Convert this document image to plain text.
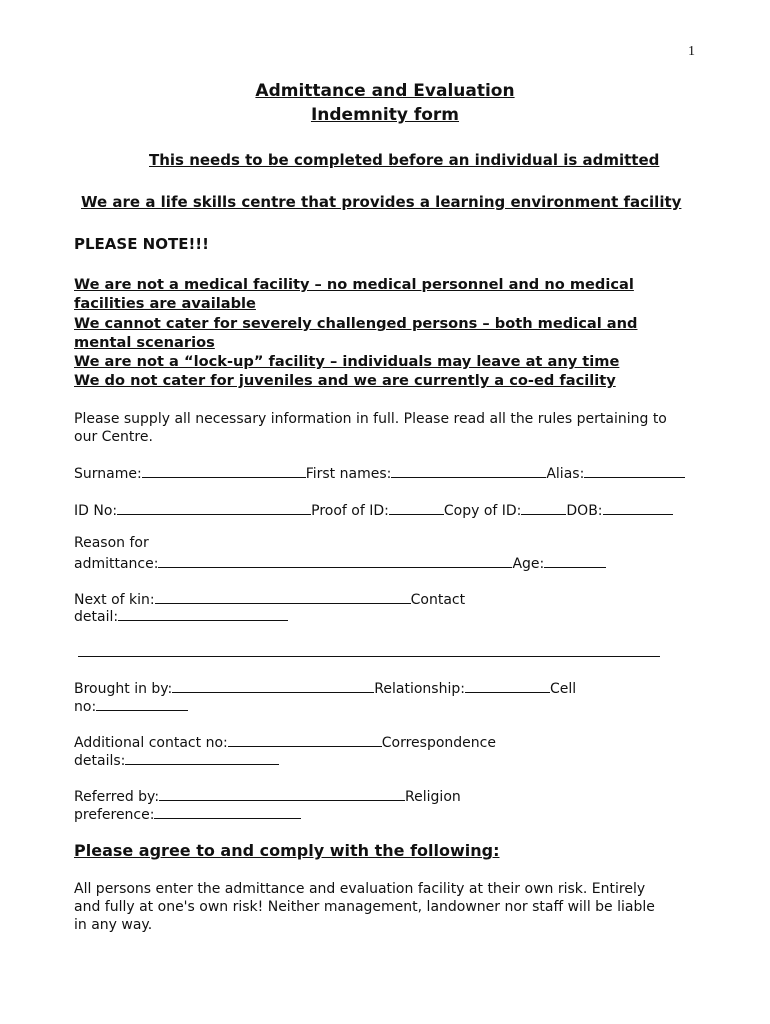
1
Admittance and Evaluation
Indemnity form
This needs to be completed before an individual is admitted
We are a life skills centre that provides a learning environment facility
PLEASE NOTE!!!
We are not a medical facility – no medical personnel and no medical
facilities are available
We cannot cater for severely challenged persons – both medical and
mental scenarios
We are not a “lock-up” facility – individuals may leave at any time
We do not cater for juveniles and we are currently a co-ed facility
Please supply all necessary information in full. Please read all the rules pertaining to
our Centre.
Surname:	First names:	Alias:
ID No:	Proof of ID:	Copy of ID:	DOB:
Reason for
admittance:	Age:
Next of kin:	Contact
detail:
Brought in by:	Relationship:	Cell
no:
Additional contact no:	Correspondence
details:
Referred by:	Religion
preference:
Please agree to and comply with the following:
All persons enter the admittance and evaluation facility at their own risk. Entirely
and fully at one's own risk! Neither management, landowner nor staff will be liable
in any way.
